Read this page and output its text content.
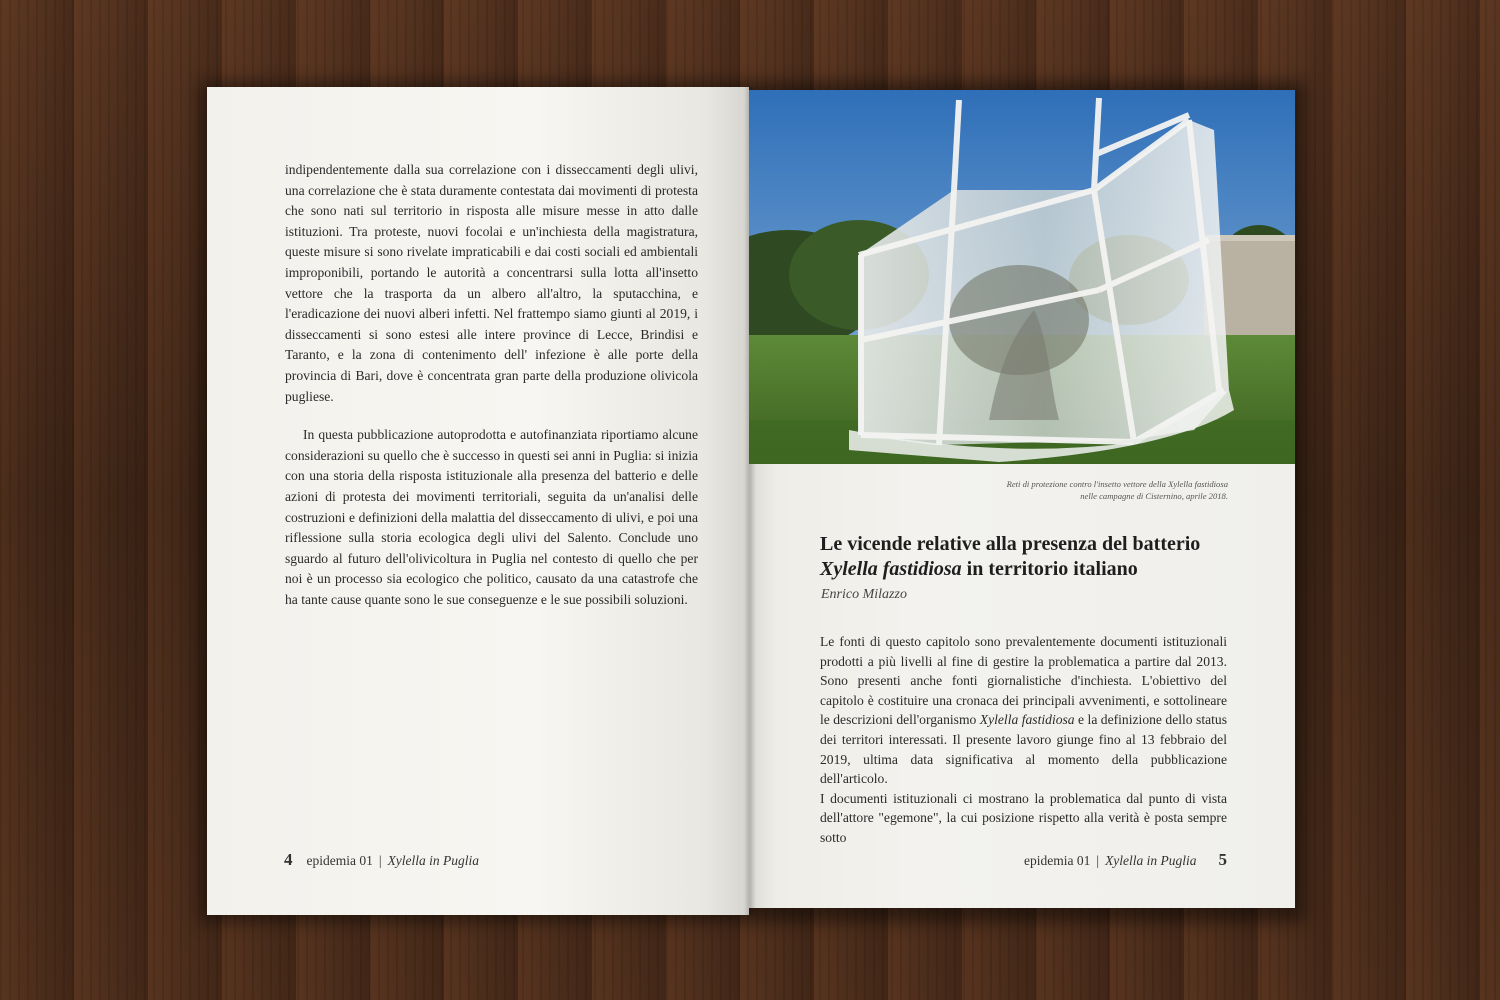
indipendentemente dalla sua correlazione con i disseccamenti degli ulivi, una correlazione che è stata duramente contestata dai movimenti di protesta che sono nati sul territorio in risposta alle misure messe in atto dalle istituzioni. Tra proteste, nuovi focolai e un'inchiesta della magistratura, queste misure si sono rivelate impraticabili e dai costi sociali ed ambientali improponibili, portando le autorità a concentrarsi sulla lotta all'insetto vettore che la trasporta da un albero all'altro, la sputacchina, e l'eradicazione dei nuovi alberi infetti. Nel frattempo siamo giunti al 2019, i disseccamenti si sono estesi alle intere province di Lecce, Brindisi e Taranto, e la zona di contenimento dell' infezione è alle porte della provincia di Bari, dove è concentrata gran parte della produzione olivicola pugliese.

In questa pubblicazione autoprodotta e autofinanziata riportiamo alcune considerazioni su quello che è successo in questi sei anni in Puglia: si inizia con una storia della risposta istituzionale alla presenza del batterio e delle azioni di protesta dei movimenti territoriali, seguita da un'analisi delle costruzioni e definizioni della malattia del disseccamento di ulivi, e poi una riflessione sulla storia ecologica degli ulivi del Salento. Conclude uno sguardo al futuro dell'olivicoltura in Puglia nel contesto di quello che per noi è un processo sia ecologico che politico, causato da una catastrofe che ha tante cause quante sono le sue conseguenze e le sue possibili soluzioni.

4 epidemia 01 | Xylella in Puglia
Reti di protezione contro l'insetto vettore della Xylella fastidiosa
nelle campagne di Cisternino, aprile 2018.
Le vicende relative alla presenza del batterio
Xylella fastidiosa in territorio italiano
Enrico Milazzo

Le fonti di questo capitolo sono prevalentemente documenti istituzionali prodotti a più livelli al fine di gestire la problematica a partire dal 2013. Sono presenti anche fonti giornalistiche d'inchiesta. L'obiettivo del capitolo è costituire una cronaca dei principali avvenimenti, e sottolineare le descrizioni dell'organismo Xylella fastidiosa e la definizione dello status dei territori interessati. Il presente lavoro giunge fino al 13 febbraio del 2019, ultima data significativa al momento della pubblicazione dell'articolo.

I documenti istituzionali ci mostrano la problematica dal punto di vista dell'attore "egemone", la cui posizione rispetto alla verità è posta sempre sotto

epidemia 01 | Xylella in Puglia 5
